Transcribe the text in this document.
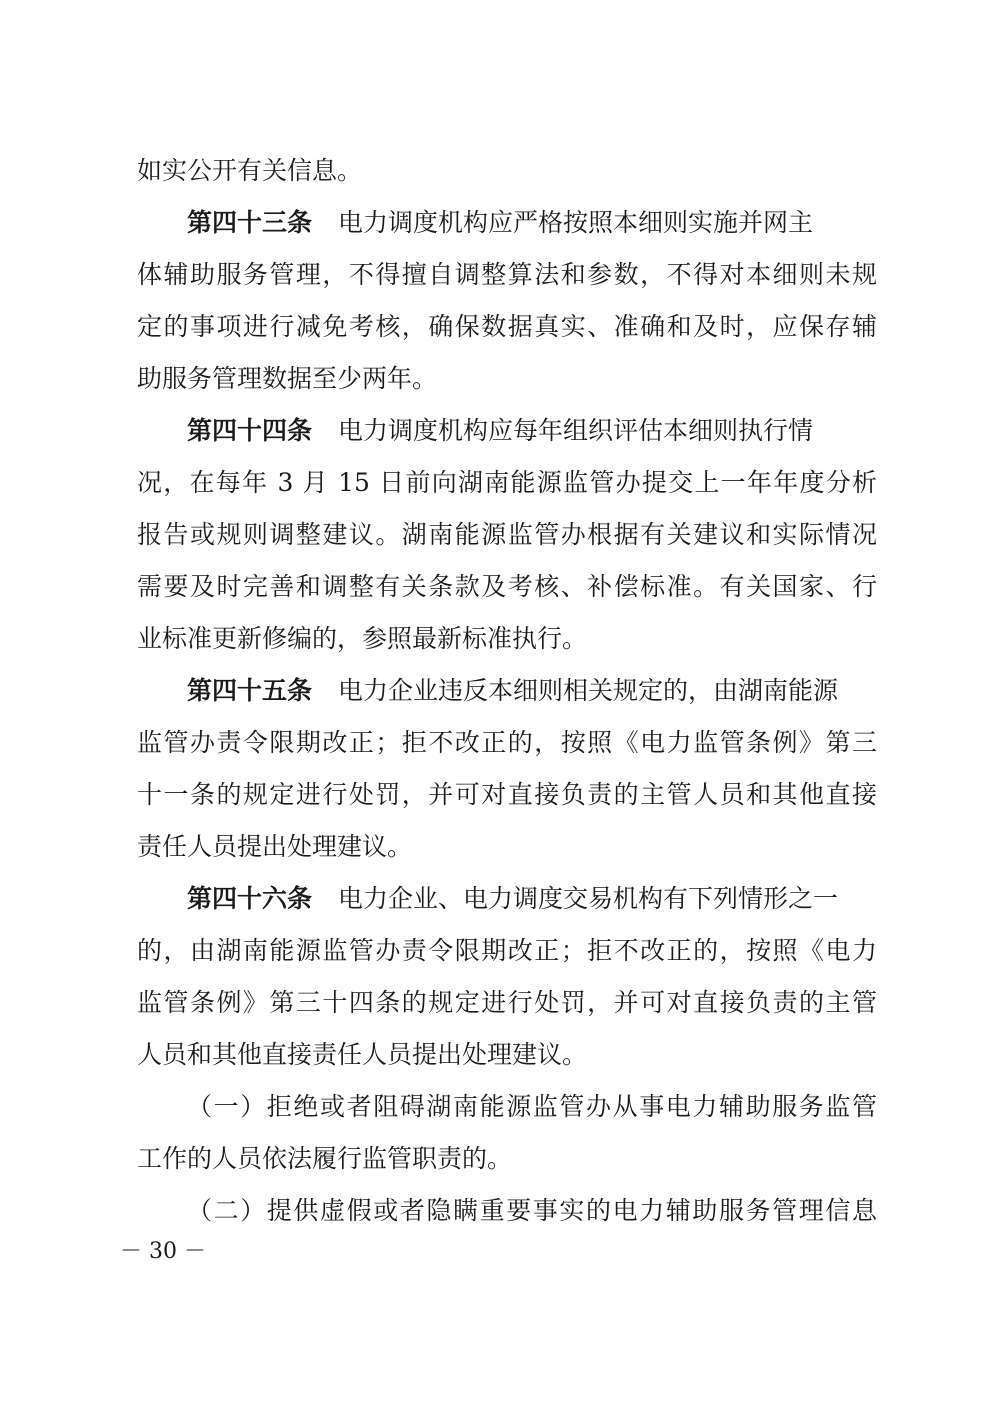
如实公开有关信息。
第四十三条 电力调度机构应严格按照本细则实施并网主
体辅助服务管理，不得擅自调整算法和参数，不得对本细则未规
定的事项进行减免考核，确保数据真实、准确和及时，应保存辅
助服务管理数据至少两年。
第四十四条 电力调度机构应每年组织评估本细则执行情
况，在每年 3 月 15 日前向湖南能源监管办提交上一年年度分析
报告或规则调整建议。湖南能源监管办根据有关建议和实际情况
需要及时完善和调整有关条款及考核、补偿标准。有关国家、行
业标准更新修编的，参照最新标准执行。
第四十五条 电力企业违反本细则相关规定的，由湖南能源
监管办责令限期改正；拒不改正的，按照《电力监管条例》第三
十一条的规定进行处罚，并可对直接负责的主管人员和其他直接
责任人员提出处理建议。
第四十六条 电力企业、电力调度交易机构有下列情形之一
的，由湖南能源监管办责令限期改正；拒不改正的，按照《电力
监管条例》第三十四条的规定进行处罚，并可对直接负责的主管
人员和其他直接责任人员提出处理建议。
（一）拒绝或者阻碍湖南能源监管办从事电力辅助服务监管
工作的人员依法履行监管职责的。
（二）提供虚假或者隐瞒重要事实的电力辅助服务管理信息
－ 30 －
